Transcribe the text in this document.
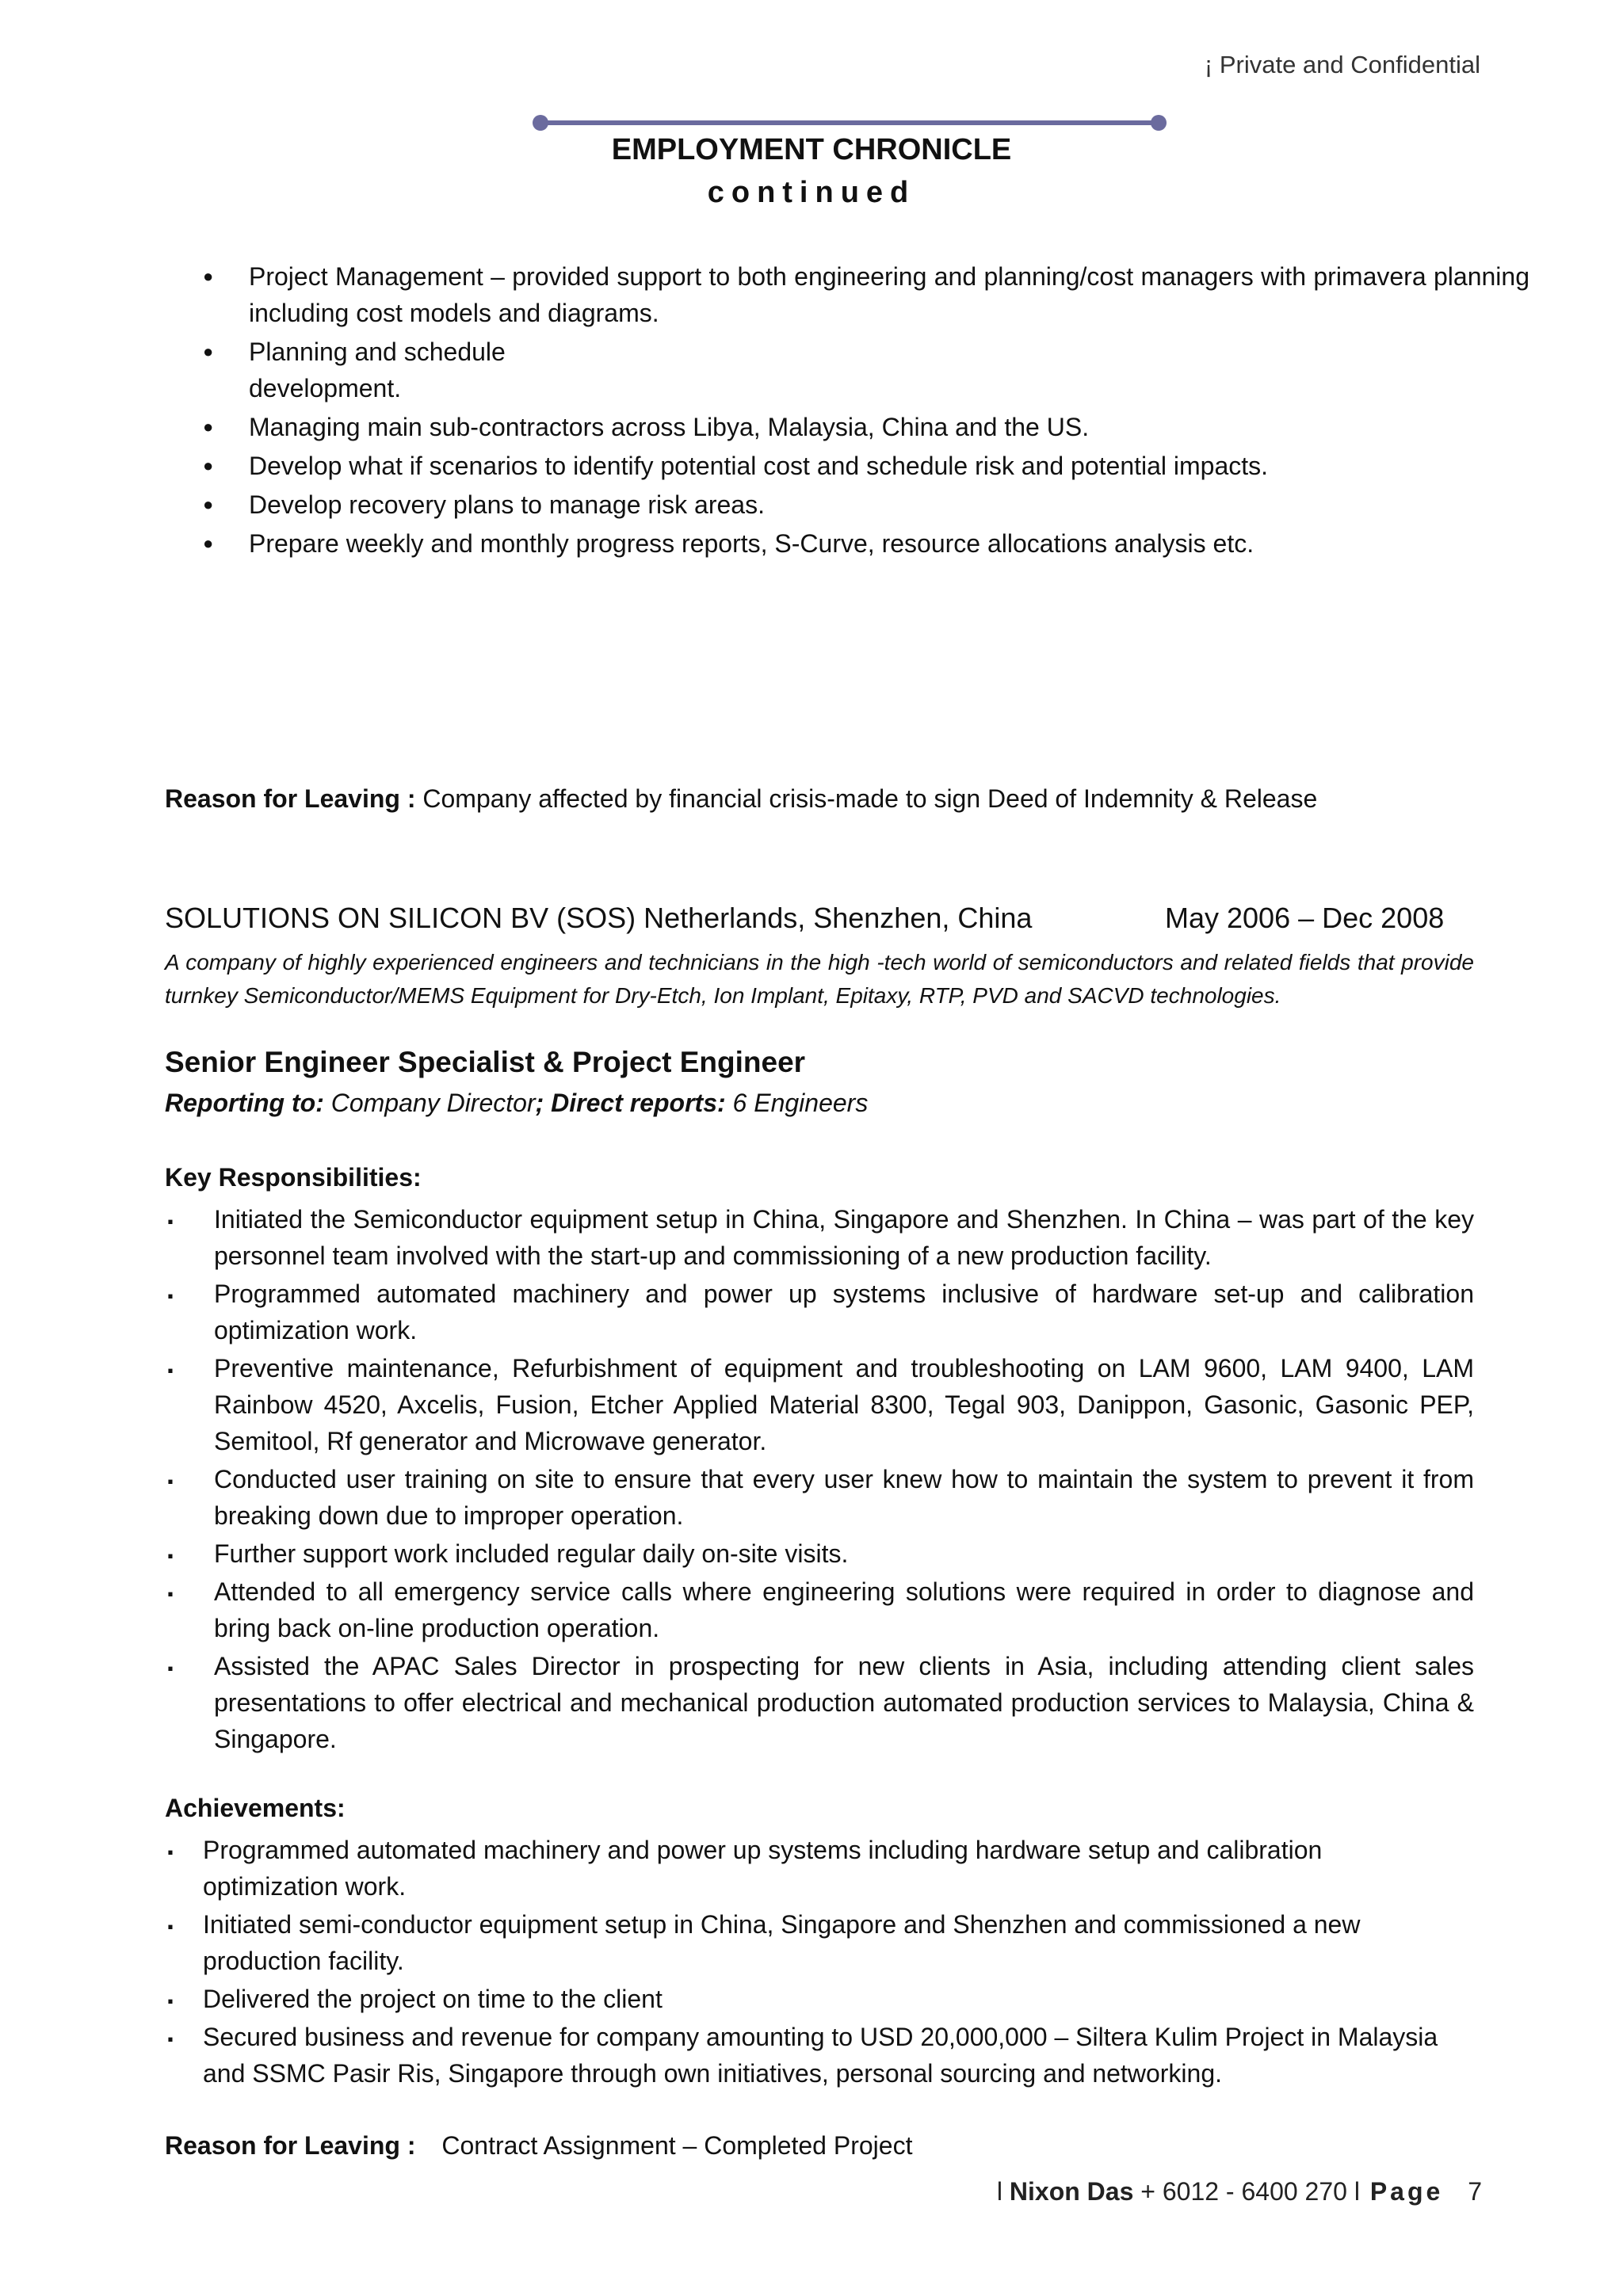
¡ Private and Confidential
EMPLOYMENT CHRONICLE
continued
● Project Management – provided support to both engineering and planning/cost managers with primavera planning including cost models and diagrams.
● Planning and schedule development.
● Managing main sub-contractors across Libya, Malaysia, China and the US.
● Develop what if scenarios to identify potential cost and schedule risk and potential impacts.
● Develop recovery plans to manage risk areas.
● Prepare weekly and monthly progress reports, S-Curve, resource allocations analysis etc.
Reason for Leaving : Company affected by financial crisis-made to sign Deed of Indemnity & Release
SOLUTIONS ON SILICON BV (SOS) Netherlands, Shenzhen, China	May 2006 – Dec 2008
A company of highly experienced engineers and technicians in the high -tech world of semiconductors and related fields that provide turnkey Semiconductor/MEMS Equipment for Dry-Etch, Ion Implant, Epitaxy, RTP, PVD and SACVD technologies.
Senior Engineer Specialist & Project Engineer
Reporting to: Company Director; Direct reports: 6 Engineers
Key Responsibilities:
. Initiated the Semiconductor equipment setup in China, Singapore and Shenzhen. In China – was part of the key personnel team involved with the start-up and commissioning of a new production facility.
. Programmed automated machinery and power up systems inclusive of hardware set-up and calibration optimization work.
. Preventive maintenance, Refurbishment of equipment and troubleshooting on LAM 9600, LAM 9400, LAM Rainbow 4520, Axcelis, Fusion, Etcher Applied Material 8300, Tegal 903, Danippon, Gasonic, Gasonic PEP, Semitool, Rf generator and Microwave generator.
. Conducted user training on site to ensure that every user knew how to maintain the system to prevent it from breaking down due to improper operation.
. Further support work included regular daily on-site visits.
. Attended to all emergency service calls where engineering solutions were required in order to diagnose and bring back on-line production operation.
. Assisted the APAC Sales Director in prospecting for new clients in Asia, including attending client sales presentations to offer electrical and mechanical production automated production services to Malaysia, China & Singapore.
Achievements:
. Programmed automated machinery and power up systems including hardware setup and calibration optimization work.
. Initiated semi-conductor equipment setup in China, Singapore and Shenzhen and commissioned a new production facility.
. Delivered the project on time to the client
. Secured business and revenue for company amounting to USD 20,000,000 – Siltera Kulim Project in Malaysia and SSMC Pasir Ris, Singapore through own initiatives, personal sourcing and networking.
Reason for Leaving : Contract Assignment – Completed Project
l Nixon Das + 6012 - 6400 270 l Page 7
